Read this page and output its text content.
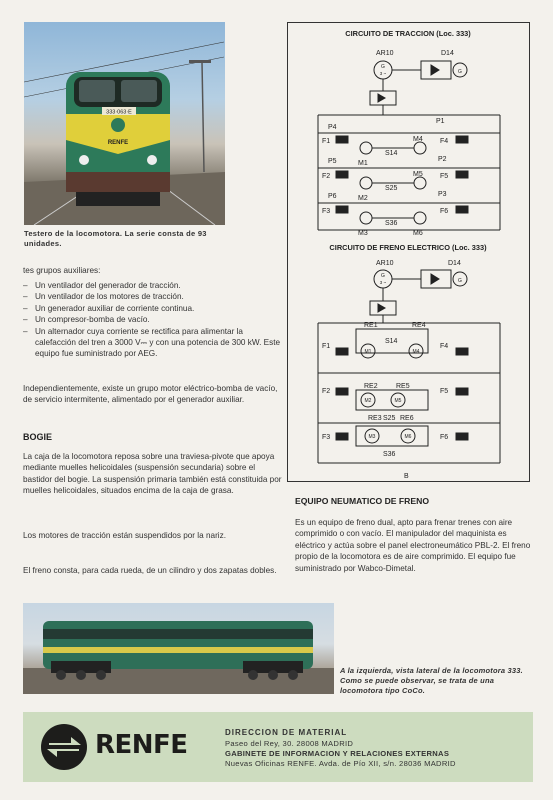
333·063·E
RENFE
Testero de la locomotora. La serie consta de 93 unidades.
tes grupos auxiliares:
– Un ventilador del generador de tracción.
– Un ventilador de los motores de tracción.
– Un generador auxiliar de corriente continua.
– Un compresor-bomba de vacío.
– Un alternador cuya corriente se rectifica para alimentar la calefacción del tren a 3000 V⎓ y con una potencia de 300 kW. Este equipo fue suministrado por AEG.
Independientemente, existe un grupo motor eléctrico-bomba de vacío, de servicio intermitente, alimentado por el generador auxiliar.
BOGIE
La caja de la locomotora reposa sobre una traviesa-pivote que apoya mediante muelles helicoidales (suspensión secundaria) sobre el bastidor del bogie. La suspensión primaria también está constituida por muelles helicoidales, situados encima de la caja de grasa.
Los motores de tracción están suspendidos por la nariz.
El freno consta, para cada rueda, de un cilindro y dos zapatas dobles.
CIRCUITO DE TRACCION (Loc. 333)
AR10
G
3 ~
D14
G
P1
P4
F1	M4
M1
S14
F4
P2
P5
F2	M5
M2
S25
F5
P3
P6
F3
M3
S36
M6
F6
CIRCUITO DE FRENO ELECTRICO (Loc. 333)
AR10
G
3 ~
D14
G
B
RE1	RE4
F1
M1
S14
M4
F4
RE2	RE5
F2
M2	M5
S25
F5
RE3	RE6
F3	M3	M6
S36
F6
EQUIPO NEUMATICO DE FRENO
Es un equipo de freno dual, apto para frenar trenes con aire comprimido o con vacío. El manipulador del maquinista es eléctrico y actúa sobre el panel electroneumático PBL-2. El freno propio de la locomotora es de aire comprimido. El equipo fue suministrado por Wabco-Dimetal.
A la izquierda, vista lateral de la locomotora 333. Como se puede observar, se trata de una locomotora tipo CoCo.
RENFE	DIRECCION DE MATERIAL
Paseo del Rey, 30. 28008 MADRID
GABINETE DE INFORMACION Y RELACIONES EXTERNAS
Nuevas Oficinas RENFE. Avda. de Pío XII, s/n. 28036 MADRID
